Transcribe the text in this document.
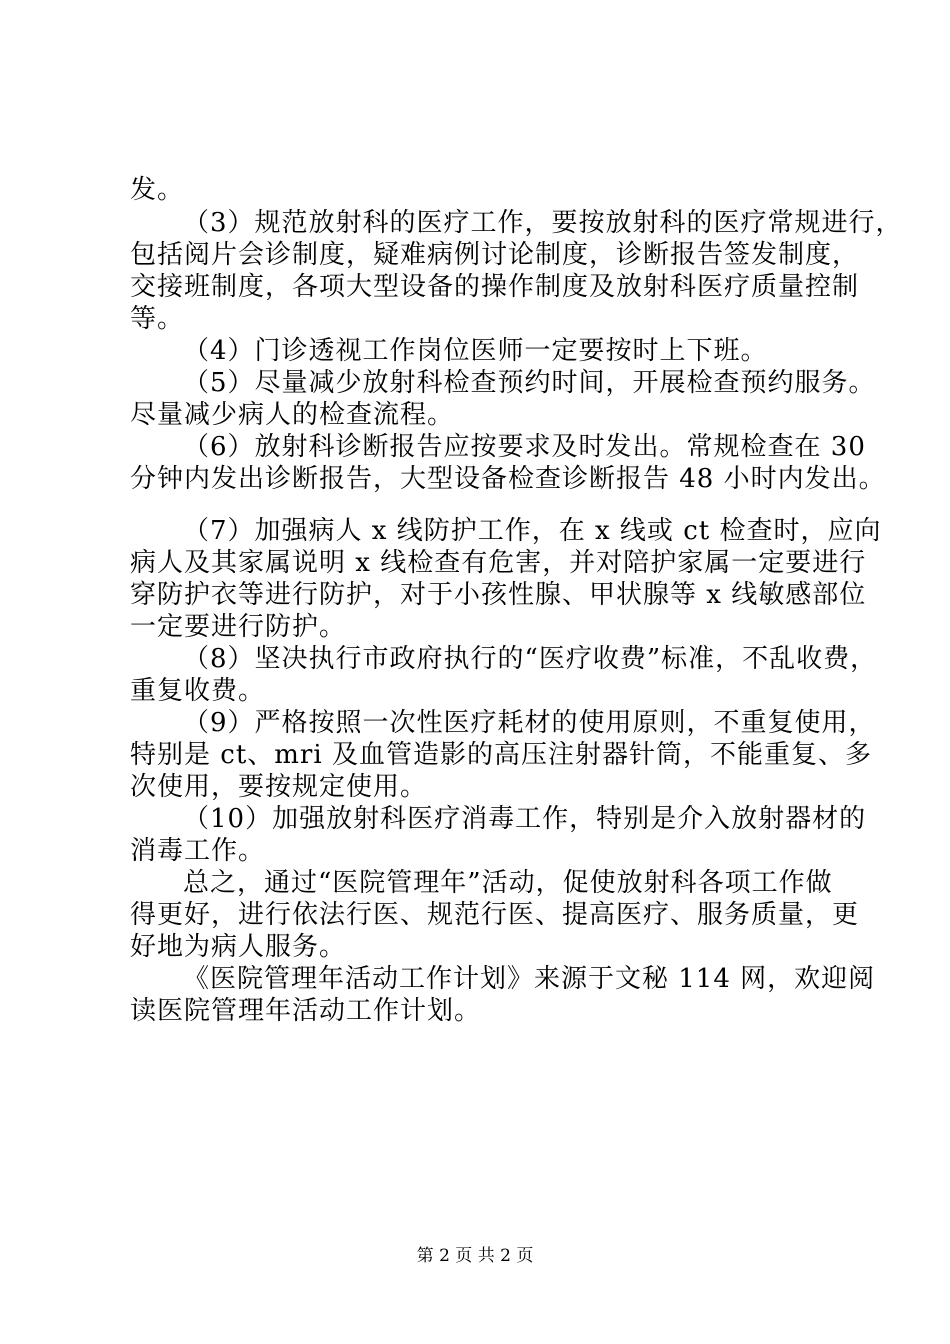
发。
（3）规范放射科的医疗工作，要按放射科的医疗常规进行，
包括阅片会诊制度，疑难病例讨论制度，诊断报告签发制度，
交接班制度，各项大型设备的操作制度及放射科医疗质量控制
等。
（4）门诊透视工作岗位医师一定要按时上下班。
（5）尽量减少放射科检查预约时间，开展检查预约服务。
尽量减少病人的检查流程。
（6）放射科诊断报告应按要求及时发出。常规检查在 30
分钟内发出诊断报告，大型设备检查诊断报告 48 小时内发出。
（7）加强病人 x 线防护工作，在 x 线或 ct 检查时，应向
病人及其家属说明 x 线检查有危害，并对陪护家属一定要进行
穿防护衣等进行防护，对于小孩性腺、甲状腺等 x 线敏感部位
一定要进行防护。
（8）坚决执行市政府执行的“医疗收费”标准，不乱收费，
重复收费。
（9）严格按照一次性医疗耗材的使用原则，不重复使用，
特别是 ct、mri 及血管造影的高压注射器针筒，不能重复、多
次使用，要按规定使用。
（10）加强放射科医疗消毒工作，特别是介入放射器材的
消毒工作。
总之，通过“医院管理年”活动，促使放射科各项工作做
得更好，进行依法行医、规范行医、提高医疗、服务质量，更
好地为病人服务。
《医院管理年活动工作计划》来源于文秘 114 网，欢迎阅
读医院管理年活动工作计划。
第 2 页 共 2 页
